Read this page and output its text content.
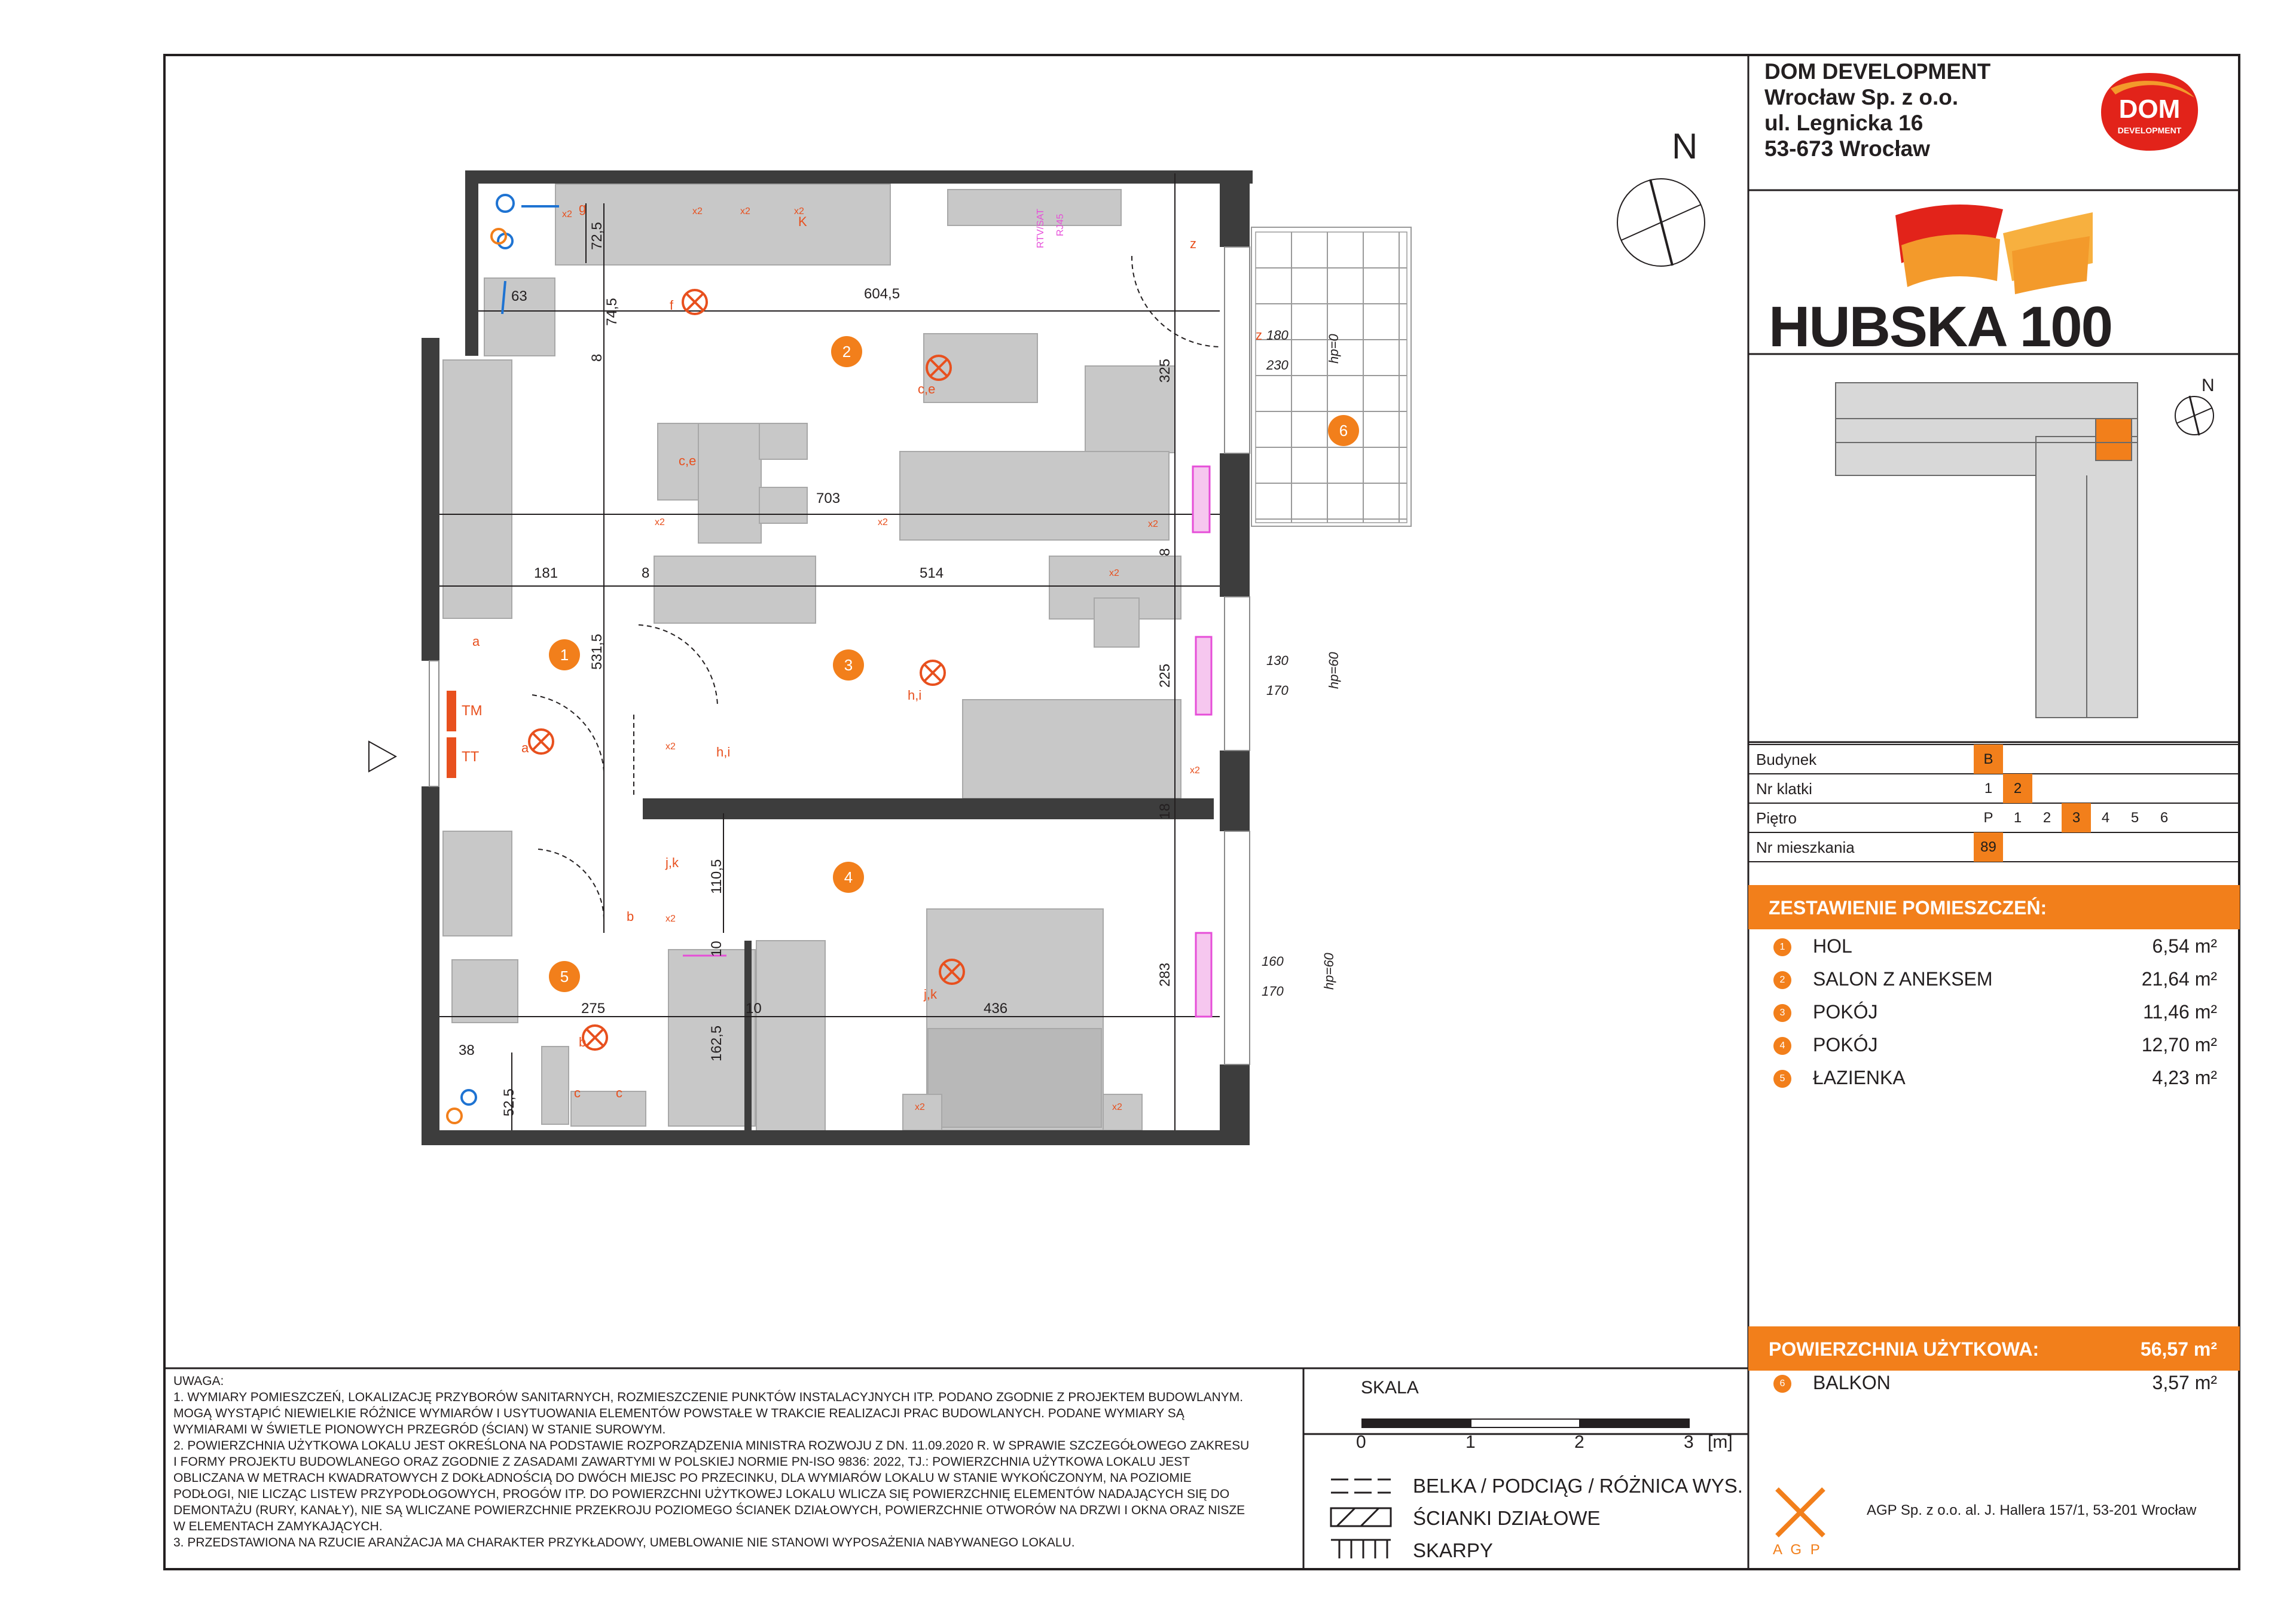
DOM DEVELOPMENT
Wrocław Sp. z o.o.
ul. Legnicka 16
53-673 Wrocław
DOM
DEVELOPMENT
HUBSKA 100
N
N
Budynek	B
Nr klatki	1	2
Piętro	P	1	2	3	4	5	6
Nr mieszkania	89
ZESTAWIENIE POMIESZCZEŃ:
1	HOL	6,54 m²
2	SALON Z ANEKSEM	21,64 m²
3	POKÓJ	11,46 m²
4	POKÓJ	12,70 m²
5	ŁAZIENKA	4,23 m²
POWIERZCHNIA UŻYTKOWA:	56,57 m²
6	BALKON	3,57 m²
UWAGA:
1. WYMIARY POMIESZCZEŃ, LOKALIZACJĘ PRZYBORÓW SANITARNYCH, ROZMIESZCZENIE PUNKTÓW INSTALACYJNYCH ITP. PODANO ZGODNIE Z PROJEKTEM BUDOWLANYM.
MOGĄ WYSTĄPIĆ NIEWIELKIE RÓŻNICE WYMIARÓW I USYTUOWANIA ELEMENTÓW POWSTAŁE W TRAKCIE REALIZACJI PRAC BUDOWLANYCH. PODANE WYMIARY SĄ
WYMIARAMI W ŚWIETLE PIONOWYCH PRZEGRÓD (ŚCIAN) W STANIE SUROWYM.
2. POWIERZCHNIA UŻYTKOWA LOKALU JEST OKREŚLONA NA PODSTAWIE ROZPORZĄDZENIA MINISTRA ROZWOJU Z DN. 11.09.2020 R. W SPRAWIE SZCZEGÓŁOWEGO ZAKRESU
I FORMY PROJEKTU BUDOWLANEGO ORAZ ZGODNIE Z ZASADAMI ZAWARTYMI W POLSKIEJ NORMIE PN-ISO 9836: 2022, TJ.: POWIERZCHNIA UŻYTKOWA LOKALU JEST
OBLICZANA W METRACH KWADRATOWYCH Z DOKŁADNOŚCIĄ DO DWÓCH MIEJSC PO PRZECINKU, DLA WYMIARÓW LOKALU W STANIE WYKOŃCZONYM, NA POZIOMIE
PODŁOGI, NIE LICZĄC LISTEW PRZYPODŁOGOWYCH, PROGÓW ITP. DO POWIERZCHNI UŻYTKOWEJ LOKALU WLICZA SIĘ POWIERZCHNIĘ ELEMENTÓW NADAJĄCYCH SIĘ DO
DEMONTAŻU (RURY, KANAŁY), NIE SĄ WLICZANE POWIERZCHNIE PRZEKROJU POZIOMEGO ŚCIANEK DZIAŁOWYCH, POWIERZCHNIE OTWORÓW NA DRZWI I OKNA ORAZ NISZE
W ELEMENTACH ZAMYKAJĄCYCH.
3. PRZEDSTAWIONA NA RZUCIE ARANŻACJA MA CHARAKTER PRZYKŁADOWY, UMEBLOWANIE NIE STANOWI WYPOSAŻENIA NABYWANEGO LOKALU.
SKALA
0	1	2	3 [m]
BELKA / PODCIĄG / RÓŻNICA WYS.
ŚCIANKI DZIAŁOWE
SKARPY	A G P
AGP Sp. z o.o. al. J. Hallera 157/1, 53-201 Wrocław
1
2
3
4
5
6
72,5
63
74,5
8
604,5
325
703
181	8	514
531,5
225
110,5
18
10
162,5
10	436
283
275
38
52,5
8
180
230
hp=0
130
170
hp=60
160
170
hp=60
TM
TT
a
a
b
b
c	c
c,e
c,e
f
g
h,i
h,i
j,k
j,k
K
z
z
x2	x2	x2	x2
x2	x2	x2
x2
x2
x2
x2
x2	x2
RTV/SAT RJ45
